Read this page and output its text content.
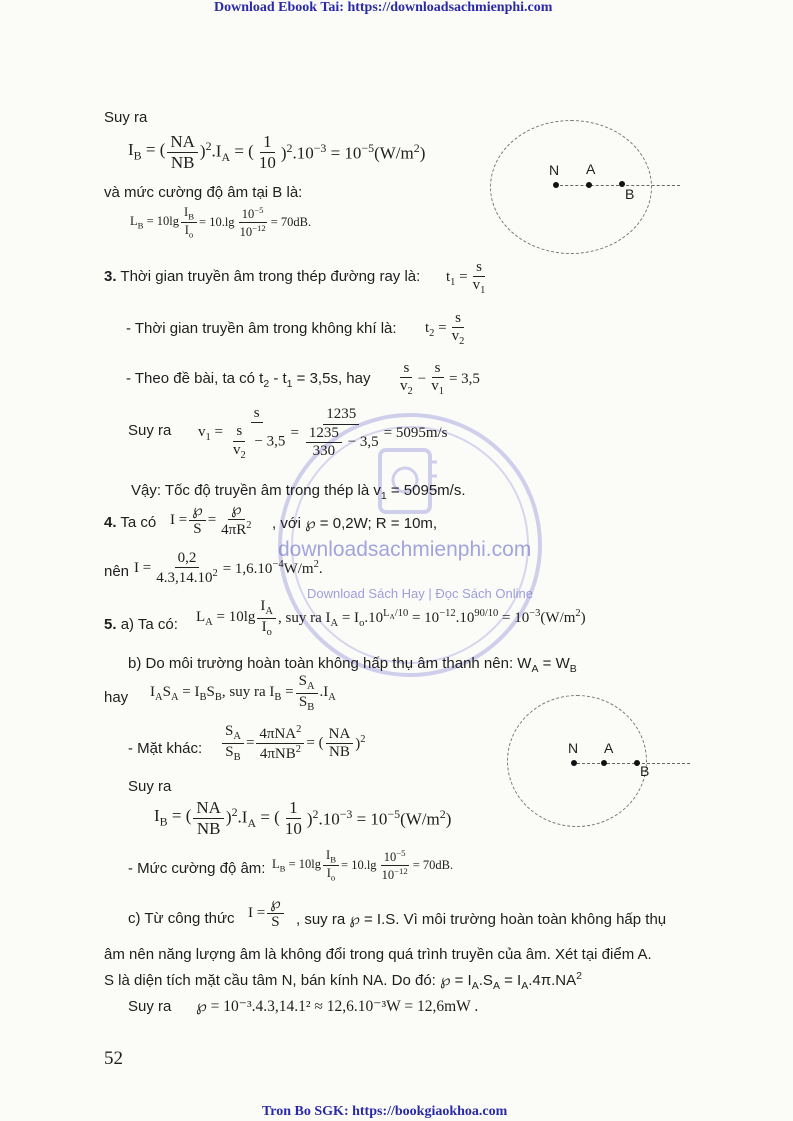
Download Ebook Tai: https://downloadsachmienphi.com
Tron Bo SGK: https://bookgiaokhoa.com
downloadsachmienphi.com
Download Sách Hay | Đọc Sách Online
N A
B
N A
B
Suy ra
$I_B$ = ( $\frac{NA}{NB} )^2.I_A$ = ( $\frac{1}{10} )^2.10^{-3} = 10^{-5}(W/m^2)$
và mức cường độ âm tại B là:
$L_B = 10\lg \frac{I_B}{I_o} = 10.\lg \frac{10^{-5}}{10^{-12}} = 70dB$.
3. Thời gian truyền âm trong thép đường ray là: $t_1 = \frac{s}{v_1}$
- Thời gian truyền âm trong không khí là: $t_2 = \frac{s}{v_2}$
- Theo đề bài, ta có $t_2 - t_1 = 3,5s$, hay $\frac{s}{v_2} - \frac{s}{v_1} = 3,5$
Suy ra $v_1 = \frac{s}{\frac{s}{v_2} - 3,5} = \frac{1235}{\frac{1235}{330} - 3,5} = 5095m/s$
Vậy: Tốc độ truyền âm trong thép là $v_1 = 5095m/s$.
4. Ta có $I = \frac{℘}{S} = \frac{℘}{4\pi R^2}$ , với ℘ = 0,2W; R = 10m,
nên $I = \frac{0,2}{4.3,14.10^2} = 1,6.10^{-4}W/m^2$.
5. a) Ta có: $L_A = 10\lg \frac{I_A}{I_o}$ , suy ra $I_A = I_o.10^{L_A/10} = 10^{-12}.10^{90/10} = 10^{-3}(W/m^2)$
b) Do môi trường hoàn toàn không hấp thụ âm thanh nên: $W_A = W_B$
hay $I_AS_A = I_BS_B$, suy ra $I_B = \frac{S_A}{S_B} .I_A$
- Mặt khác: $\frac{S_A}{S_B} = \frac{4\pi NA^2}{4\pi NB^2}$ = ( $\frac{NA}{NB} )^2$
Suy ra
$I_B$ = ( $\frac{NA}{NB} )^2.I_A$ = ( $\frac{1}{10} )^2.10^{-3} = 10^{-5}(W/m^2)$
- Mức cường độ âm: $L_B = 10\lg \frac{I_B}{I_o} = 10.\lg \frac{10^{-5}}{10^{-12}} = 70dB$.
c) Từ công thức $I = \frac{℘}{S}$ , suy ra ℘ = I.S. Vì môi trường hoàn toàn không hấp thụ
âm nên năng lượng âm là không đổi trong quá trình truyền của âm. Xét tại điểm A.
S là diện tích mặt cầu tâm N, bán kính NA. Do đó: ℘ = $I_A.S_A = I_A.4\pi.NA^2$
Suy ra ℘ = 10⁻³.4.3,14.1² ≈ 12,6.10⁻³W = 12,6mW .
52
